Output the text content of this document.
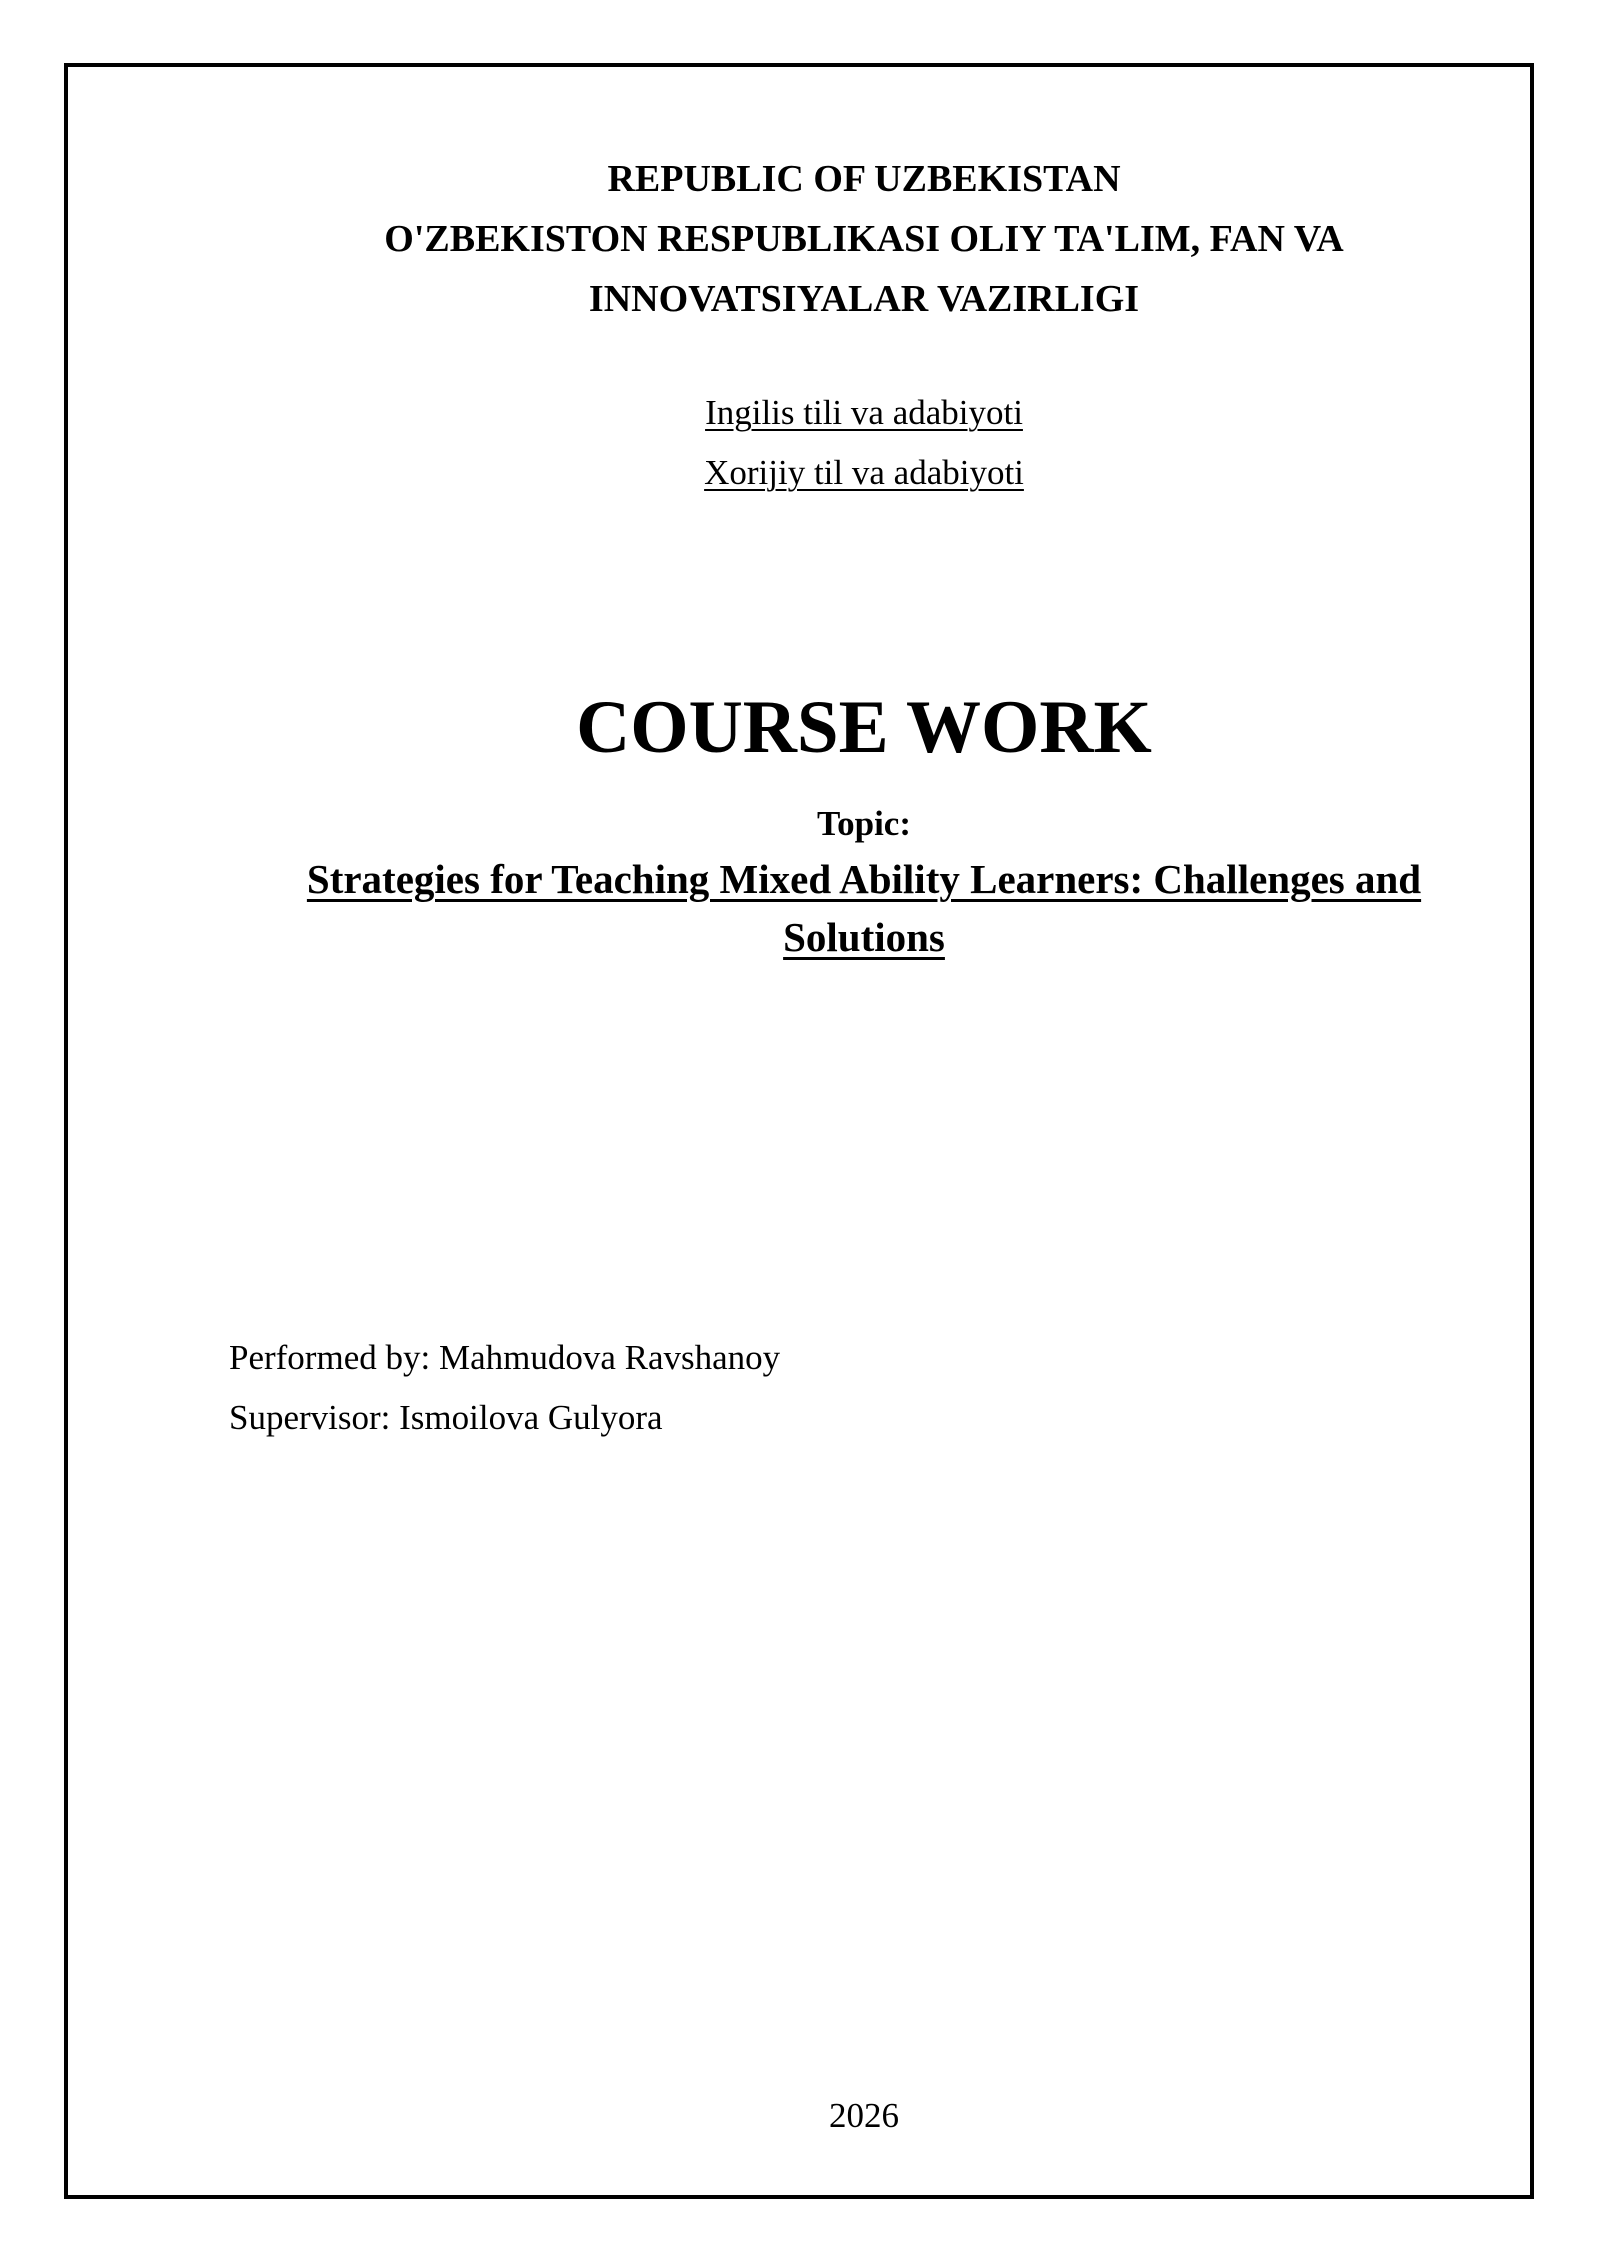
REPUBLIC OF UZBEKISTAN
O'ZBEKISTON RESPUBLIKASI OLIY TA'LIM, FAN VA
INNOVATSIYALAR VAZIRLIGI
Ingilis tili va adabiyoti
Xorijiy til va adabiyoti
COURSE WORK
Topic:
Strategies for Teaching Mixed Ability Learners: Challenges and
Solutions
Performed by: Mahmudova Ravshanoy
Supervisor: Ismoilova Gulyora
2026
